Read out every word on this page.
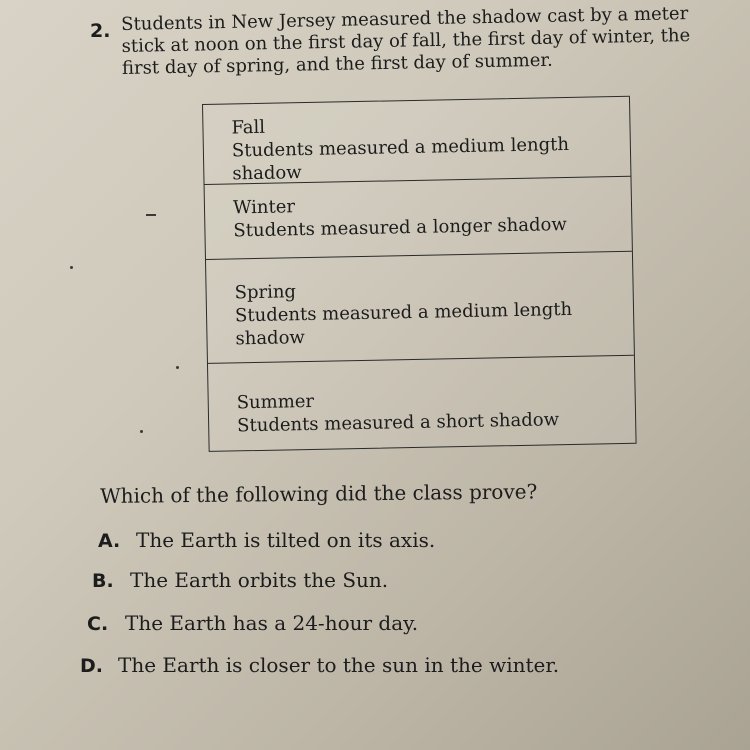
2. Students in New Jersey measured the shadow cast by a meter stick at noon on the first day of fall, the first day of winter, the first day of spring, and the first day of summer.
Fall
Students measured a medium length shadow
Winter
Students measured a longer shadow
Spring
Students measured a medium length shadow
Summer
Students measured a short shadow
Which of the following did the class prove?
A. The Earth is tilted on its axis.
B. The Earth orbits the Sun.
C. The Earth has a 24-hour day.
D. The Earth is closer to the sun in the winter.
